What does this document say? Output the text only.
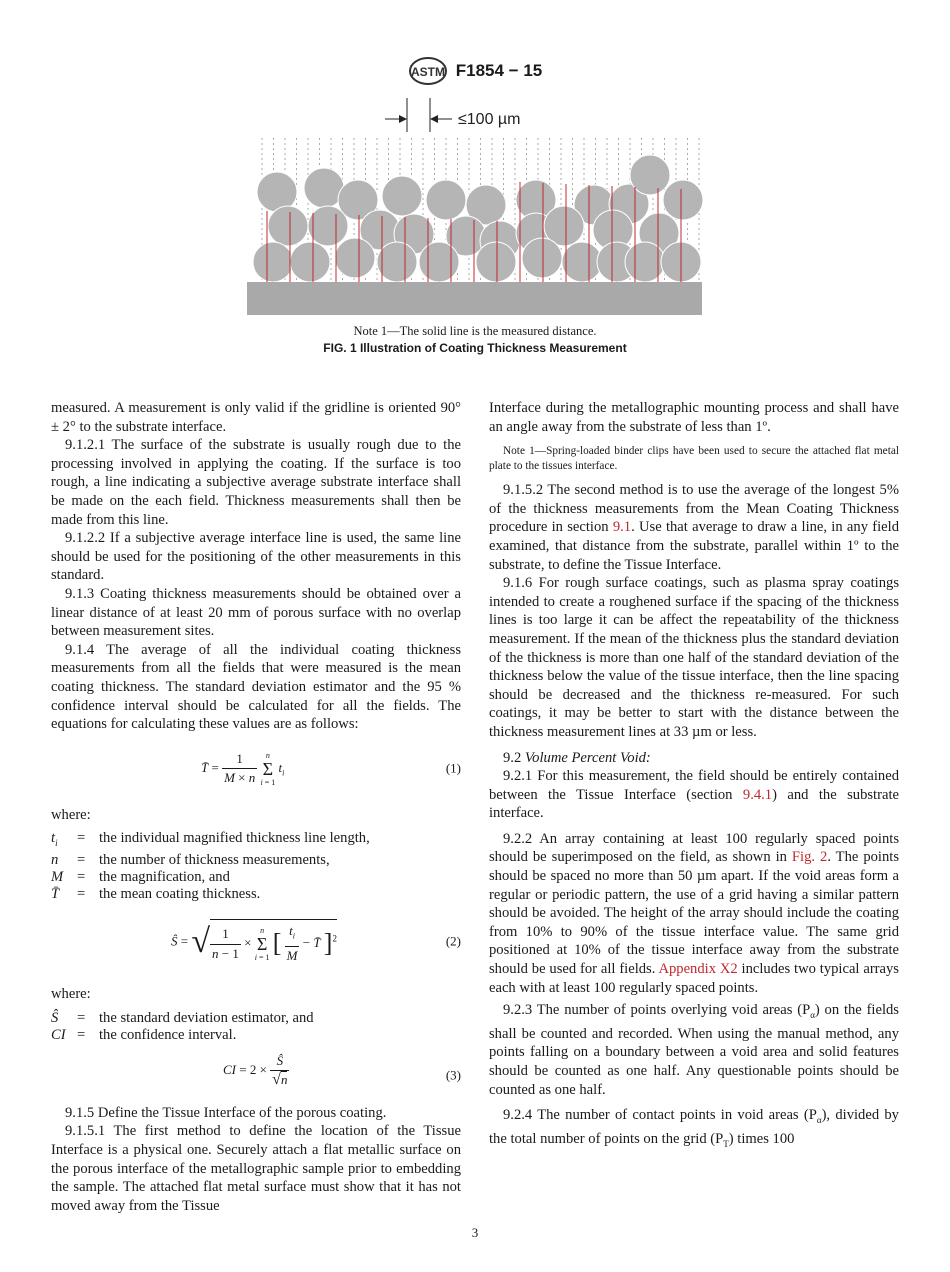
ASTM F1854 − 15
≤100 µm
Note 1—The solid line is the measured distance.
FIG. 1 Illustration of Coating Thickness Measurement

measured. A measurement is only valid if the gridline is oriented 90° ± 2° to the substrate interface.

9.1.2.1 The surface of the substrate is usually rough due to the processing involved in applying the coating. If the surface is too rough, a line indicating a subjective average substrate interface shall be made on the each field. Thickness measurements shall then be made from this line.

9.1.2.2 If a subjective average interface line is used, the same line should be used for the positioning of the other measurements in this standard.

9.1.3 Coating thickness measurements should be obtained over a linear distance of at least 20 mm of porous surface with no overlap between measurement sites.

9.1.4 The average of all the individual coating thickness measurements from all the fields that were measured is the mean coating thickness. The standard deviation estimator and the 95 % confidence interval should be calculated for all the fields. The equations for calculating these values are as follows:

T̄ = $\frac{1}{M \times n}$ n
Σ
i = 1 $t_i$	(1)
where:
$t_i$	=	the individual magnified thickness line length,
n	=	the number of thickness measurements,
M	=	the magnification, and
T̄	=	the mean coating thickness.
Ŝ = √ $\frac{1}{n - 1} \times n$
Σ
i = 1 [ $\frac{t_i}{M}$ − T̄ ]$^2$	(2)
where:
Ŝ	=	the standard deviation estimator, and
CI	=	the confidence interval.
CI = $2 \times \frac{Ŝ}{√n}$	(3)

9.1.5 Define the Tissue Interface of the porous coating.

9.1.5.1 The first method to define the location of the Tissue Interface is a physical one. Securely attach a flat metallic surface on the porous interface of the metallographic sample prior to embedding the sample. The attached flat metal surface must show that it has not moved away from the Tissue

Interface during the metallographic mounting process and shall have an angle away from the substrate of less than 1º.

Note 1—Spring-loaded binder clips have been used to secure the attached flat metal plate to the tissues interface.

9.1.5.2 The second method is to use the average of the longest 5% of the thickness measurements from the Mean Coating Thickness procedure in section 9.1. Use that average to draw a line, in any field examined, that distance from the substrate, parallel within 1º to the substrate, to define the Tissue Interface.

9.1.6 For rough surface coatings, such as plasma spray coatings intended to create a roughened surface if the spacing of the thickness lines is too large it can be affect the repeatability of the thickness measurement. If the mean of the thickness plus the standard deviation of the thickness is more than one half of the standard deviation of the thickness below the value of the tissue interface, then the line spacing should be decreased and the thickness re-measured. For such coatings, it may be better to start with the distance between the thickness measurement lines at 33 µm or less.

9.2 Volume Percent Void:

9.2.1 For this measurement, the field should be entirely contained between the Tissue Interface (section 9.4.1) and the substrate interface.

9.2.2 An array containing at least 100 regularly spaced points should be superimposed on the field, as shown in Fig. 2. The points should be spaced no more than 50 µm apart. If the void areas form a regular or periodic pattern, the use of a grid having a similar pattern should be avoided. The height of the array should include the coating from 10% to 90% of the tissue interface value. The same grid positioned at 10% of the tissue interface away from the substrate should be used for all fields. Appendix X2 includes two typical arrays each with at least 100 regularly spaced points.

9.2.3 The number of points overlying void areas $(P_\alpha)$ on the fields shall be counted and recorded. When using the manual method, any points falling on a boundary between a void area and solid features should be counted as one half. Any questionable points should be counted as one half.

9.2.4 The number of contact points in void areas $(P_\alpha)$, divided by the total number of points on the grid $(P_T)$ times 100

3
